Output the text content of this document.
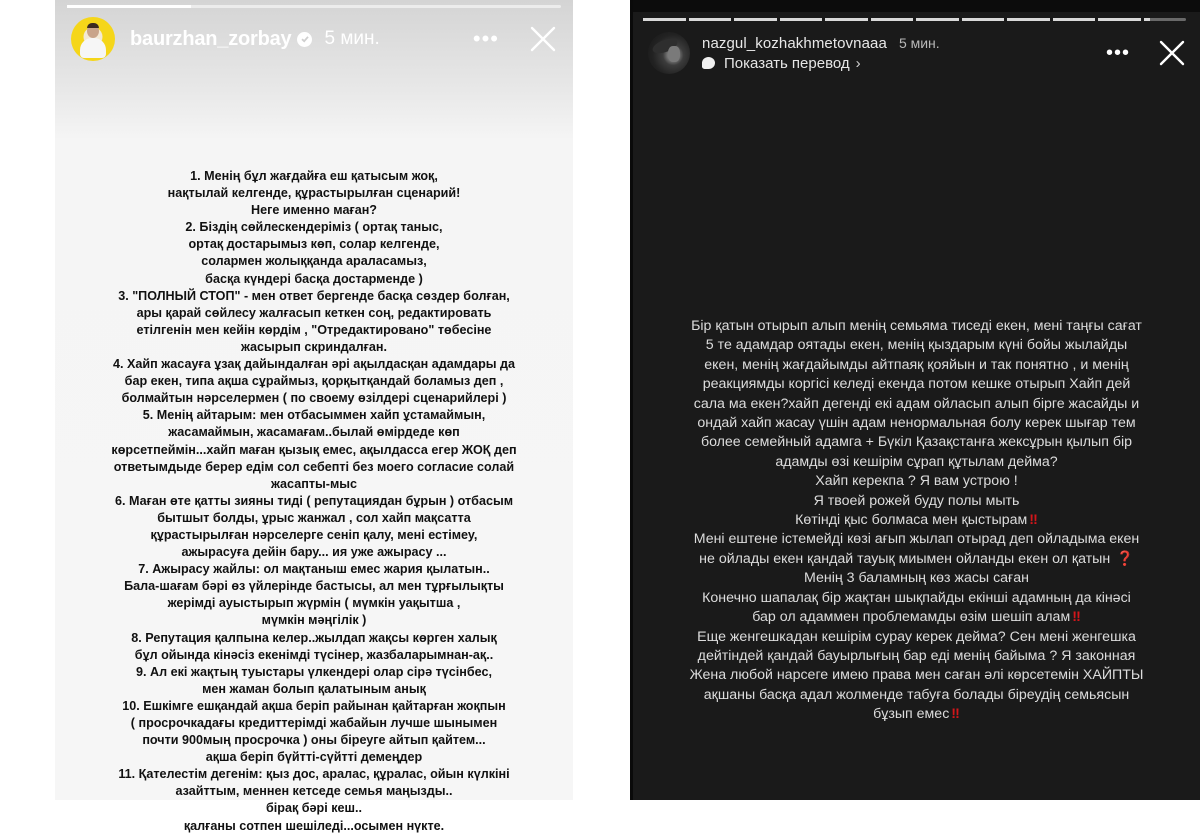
baurzhan_zorbay 5 мин.	•••
1. Менің бұл жағдайға еш қатысым жоқ,
нақтылай келгенде, құрастырылған сценарий!
Неге именно маған?
2. Біздің сөйлескендеріміз ( ортақ таныс,
ортақ достарымыз көп, солар келгенде,
солармен жолыққанда араласамыз,
басқа күндері басқа достарменде )
3. "ПОЛНЫЙ СТОП" - мен ответ бергенде басқа сөздер болған,
ары қарай сөйлесу жалғасып кеткен соң, редактировать
етілгенін мен кейін көрдім , "Отредактировано" төбесіне
жасырып скриндалған.
4. Хайп жасауға ұзақ дайындалған әрі ақылдасқан адамдары да
бар екен, типа ақша сұраймыз, қорқытқандай боламыз деп ,
болмайтын нәрселермен ( по своему өзілдері сценарийлері )
5. Менің айтарым: мен отбасыммен хайп ұстамаймын,
жасамаймын, жасамағам..былай өмірдеде көп
көрсетпеймін...хайп маған қызық емес, ақылдасса егер ЖОҚ деп
ответымдыде берер едім сол себепті без моего согласие солай
жасапты-мыс
6. Маған өте қатты зияны тиді ( репутациядан бұрын ) отбасым
бытшыт болды, ұрыс жанжал , сол хайп мақсатта
құрастырылған нәрселерге сеніп қалу, мені естімеу,
ажырасуға дейін бару... ия уже ажырасу ...
7. Ажырасу жайлы: ол мақтаныш емес жария қылатын..
Бала-шағам бәрі өз үйлерінде бастысы, ал мен тұрғылықты
жерімді ауыстырып жүрмін ( мүмкін уақытша ,
мүмкін мәңгілік )
8. Репутация қалпына келер..жылдап жақсы көрген халық
бұл ойында кінәсіз екенімді түсінер, жазбаларымнан-ақ..
9. Ал екі жақтың туыстары үлкендері олар сірә түсінбес,
мен жаман болып қалатыным анық
10. Ешкімге ешқандай ақша беріп райынан қайтарған жоқпын
( просрочкадағы кредиттерімді жабайын лучше шынымен
почти 900мың просрочка ) оны біреуге айтып қайтем...
ақша беріп бүйтті-сүйтті демеңдер
11. Қателестім дегенім: қыз дос, аралас, құралас, ойын күлкіні
азайттым, меннен кетседе семья маңызды..
бірақ бәрі кеш..
қалғаны сотпен шешіледі...осымен нүкте.
nazgul_kozhakhmetovnaaa 5 мин.
Показать перевод ›	•••
Бір қатын отырып алып менің семьяма тиседі екен, мені таңғы сағат
5 те адамдар оятады екен, менің қыздарым күні бойы жылайды
екен, менің жағдайымды айтпаяқ қояйын и так понятно , и менің
реакциямды коргісі келеді екенда потом кешке отырып Хайп дей
сала ма екен?хайп дегенді екі адам ойласып алып бірге жасайды и
ондай хайп жасау үшін адам ненормальная болу керек шығар тем
более семейный адамга + Бүкіл Қазақстанға жексұрын қылып бір
адамды өзі кешірім сұрап құтылам дейма?
Хайп керекпа ? Я вам устрою !
Я твоей рожей буду полы мыть
Көтінді қыс болмаса мен қыстырам ‼
Мені ештене істемейді көзі ағып жылап отырад деп ойладыма екен
не ойлады екен қандай тауық миымен ойланды екен ол қатын ❓
Менің 3 баламның көз жасы саған
Конечно шапалақ бір жақтан шықпайды екінші адамның да кінәсі
бар ол адаммен проблемамды өзім шешіп алам ‼
Еще женгешкадан кешірім сурау керек дейма? Сен мені женгешка
дейтіндей қандай бауырлығың бар еді менің байыма ? Я законная
Жена любой нарсеге имею права мен саған әлі көрсетемін ХАЙПТЫ
ақшаны басқа адал жолменде табуға болады біреудің семьясын
бұзып емес ‼
